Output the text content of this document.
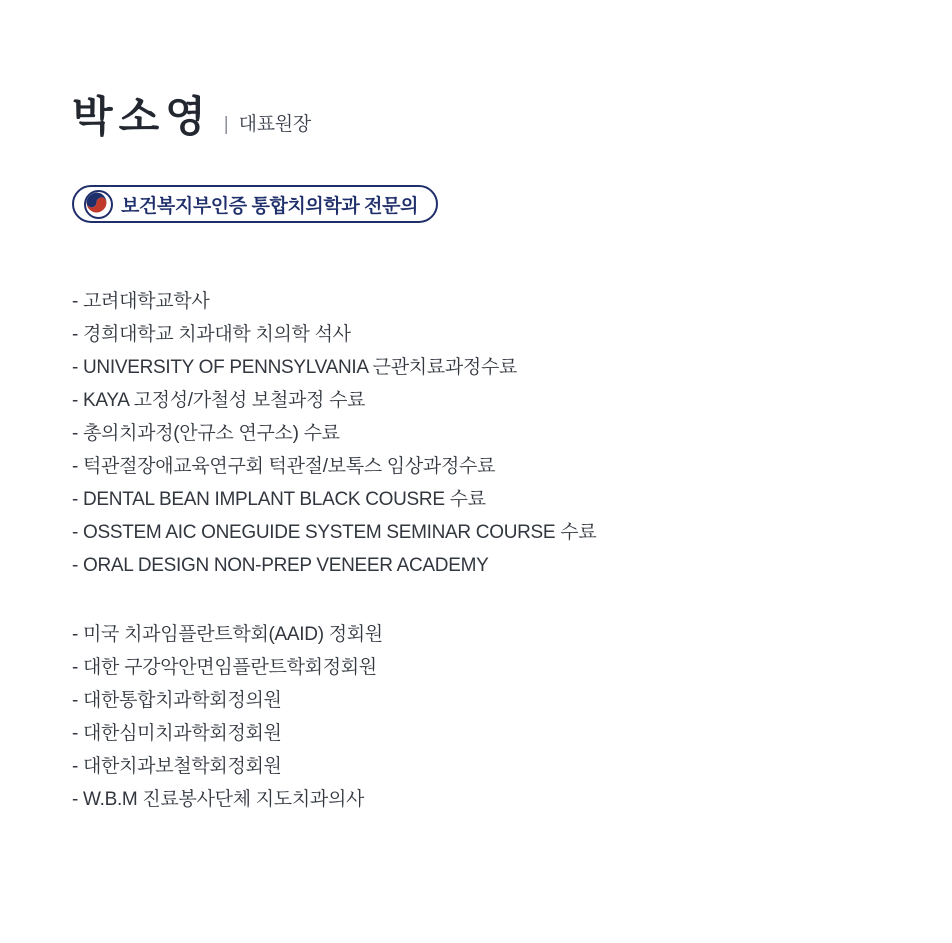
박소영 | 대표원장
보건복지부인증 통합치의학과 전문의
- 고려대학교학사
- 경희대학교 치과대학 치의학 석사
- UNIVERSITY OF PENNSYLVANIA 근관치료과정수료
- KAYA 고정성/가철성 보철과정 수료
- 총의치과정(안규소 연구소) 수료
- 턱관절장애교육연구회 턱관절/보톡스 임상과정수료
- DENTAL BEAN IMPLANT BLACK COUSRE 수료
- OSSTEM AIC ONEGUIDE SYSTEM SEMINAR COURSE 수료
- ORAL DESIGN NON-PREP VENEER ACADEMY
- 미국 치과임플란트학회(AAID) 정회원
- 대한 구강악안면임플란트학회정회원
- 대한통합치과학회정의원
- 대한심미치과학회정회원
- 대한치과보철학회정회원
- W.B.M 진료봉사단체 지도치과의사
